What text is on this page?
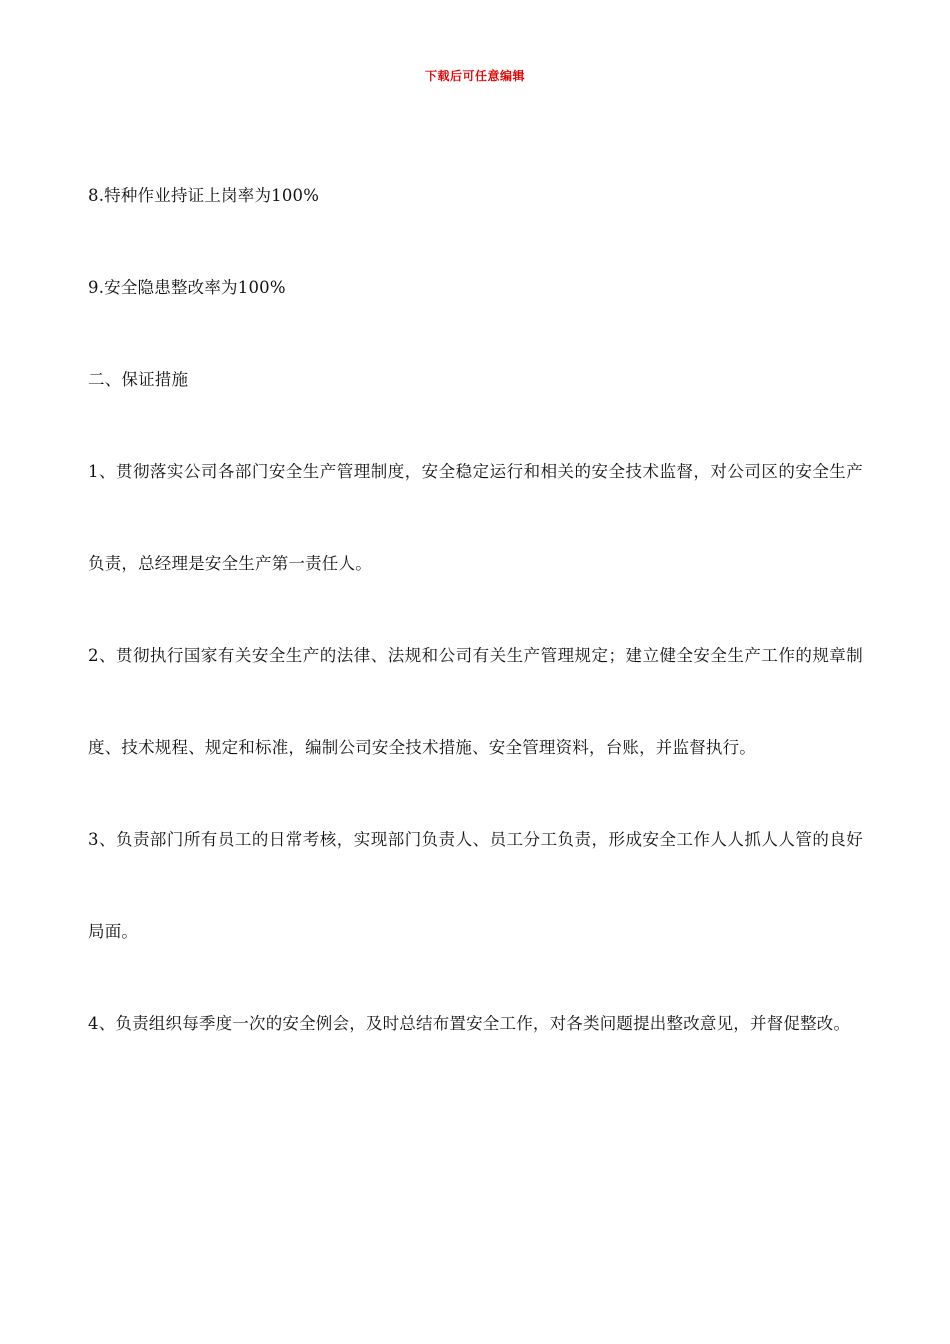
下载后可任意编辑

8.特种作业持证上岗率为100%

9.安全隐患整改率为100%

二、保证措施

1、贯彻落实公司各部门安全生产管理制度，安全稳定运行和相关的安全技术监督，对公司区的安全生产负责，总经理是安全生产第一责任人。

2、贯彻执行国家有关安全生产的法律、法规和公司有关生产管理规定；建立健全安全生产工作的规章制度、技术规程、规定和标准，编制公司安全技术措施、安全管理资料，台账，并监督执行。

3、负责部门所有员工的日常考核，实现部门负责人、员工分工负责，形成安全工作人人抓人人管的良好局面。

4、负责组织每季度一次的安全例会，及时总结布置安全工作，对各类问题提出整改意见，并督促整改。
